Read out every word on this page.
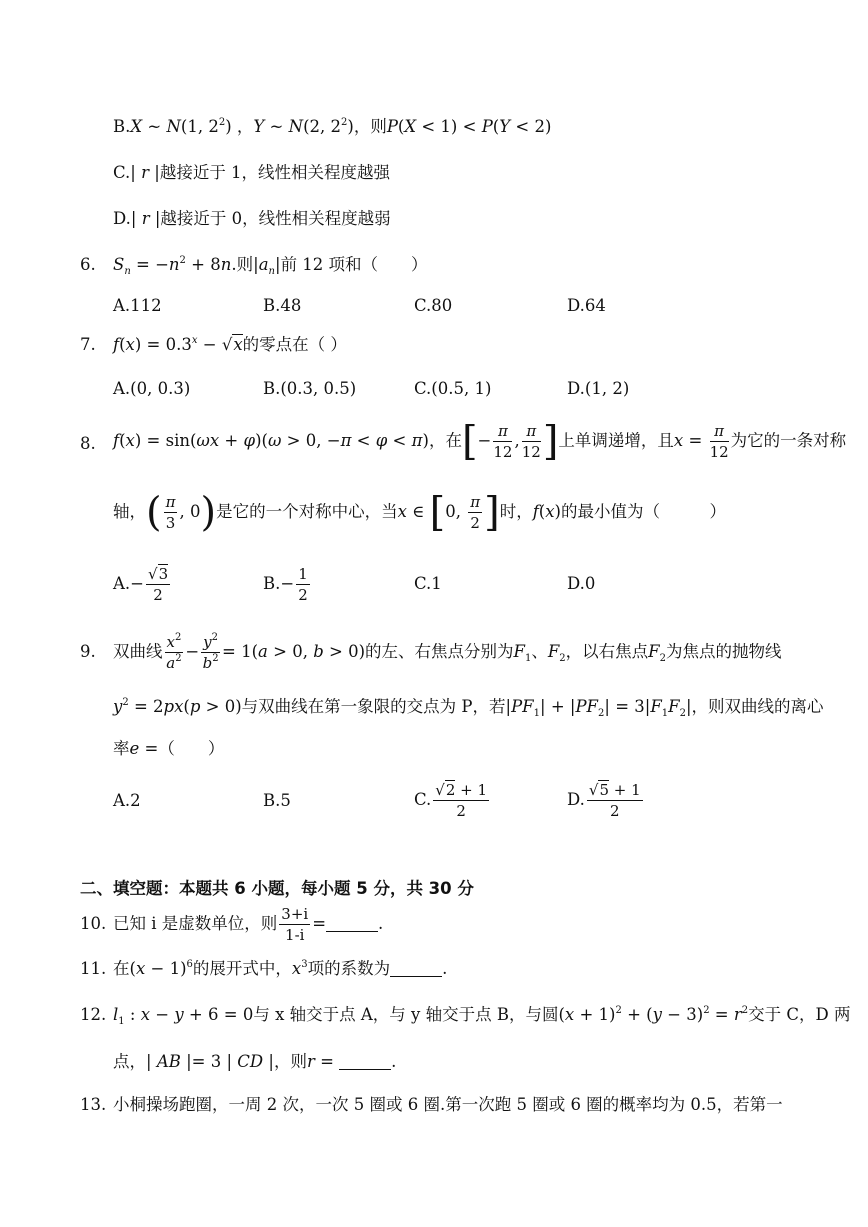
B.X ~ N(1, $2^2$) ，Y ~ N(2, $2^2$)，则P(X < 1) < P(Y < 2)
C.| r |越接近于 1，线性相关程度越强
D.| r |越接近于 0，线性相关程度越弱
6. $S_n = -n^2 + 8n$.则$|a_n|$前 12 项和（　　）
A.112	B.48	C.80	D.64
7. $f(x) = 0.3^x - √x$的零点在（ ）
A.(0, 0.3)	B.(0.3, 0.5)	C.(0.5, 1)	D.(1, 2)
8. f(x) = sin(ωx + φ)(ω > 0, −π < φ < π)，在[− $\frac{\pi}{12}$ , $\frac{\pi}{12}$ ]上单调递增，且$x = \frac{\pi}{12}$ 为它的一条对称
轴，( $\frac{\pi}{3}$ , 0)是它的一个对称中心，当x ∈ [0, $\frac{\pi}{2}$ ]时，f(x)的最小值为（　　　）
$A.- \frac{√3}{2}$	$B.- \frac{1}{2}$	C.1	D.0
9. 双曲线 $\frac{x^2}{a^2} - \frac{y^2}{b^2} = 1(a > 0$, b > 0)的左、右焦点分别为$F_1$、$F_2$，以右焦点$F_2$为焦点的抛物线
$y^2 = 2px(p > 0)$与双曲线在第一象限的交点为 P，若$|PF_1| + |PF_2| = 3|F_1F_2|$，则双曲线的离心
率e =（　　）
A.2	B.5	C. $\frac{√2 + 1}{2}$	D. $\frac{√5 + 1}{2}$
二、填空题：本题共 6 小题，每小题 5 分，共 30 分
10. 已知 i 是虚数单位，则 $\frac{3+i}{1-i}$ =	.
11. 在$(x - 1)^6$的展开式中，$x^3$项的系数为	.
12. $l_1$ : x − y + 6 = 0与 x 轴交于点 A，与 y 轴交于点 B，与圆$(x + 1)^2 + (y - 3)^2 = r^2$交于 C，D 两
点，| AB |= 3 | CD |，则r =	.
13. 小桐操场跑圈，一周 2 次，一次 5 圈或 6 圈.第一次跑 5 圈或 6 圈的概率均为 0.5，若第一
